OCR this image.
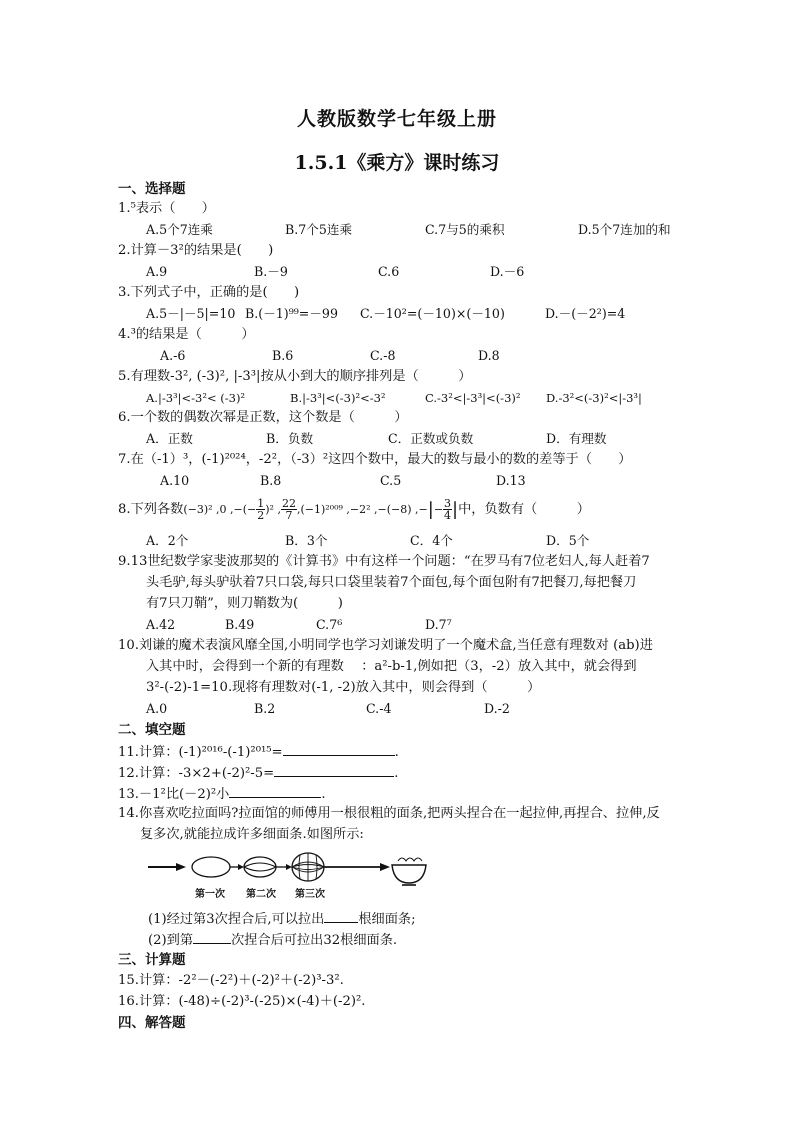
人教版数学七年级上册
1.5.1《乘方》课时练习
一、选择题
1.⁵表示（　　）
A.5个7连乘	B.7个5连乘	C.7与5的乘积	D.5个7连加的和
2.计算－3²的结果是(　　)
A.9	B.－9	C.6	D.－6
3.下列式子中，正确的是(　　)
A.5－|－5|=10 B.(－1)⁹⁹=－99 C.－10²=(－10)×(－10)	D.－(－2²)=4
4.³的结果是（　　　）
A.-6	B.6	C.-8	D.8
5.有理数-3², (-3)², |-3³|按从小到大的顺序排列是（　　　）
A.|-3³|<-3²< (-3)²	B.|-3³|<(-3)²<-3²	C.-3²<|-3³|<(-3)² D.-3²<(-3)²<|-3³|
6.一个数的偶数次幂是正数，这个数是（　　　）
A．正数	B．负数	C．正数或负数	D．有理数
7.在（-1）³，(-1)²⁰²⁴，-2²，（-3）²这四个数中，最大的数与最小的数的差等于（　　）
A.10	B.8	C.5	D.13
8.下列各数(−3)² ,0 ,−(− $\frac{1}{2} )^2$ , $\frac{22}{7} ,(-1)^{2009}$ ,−2² ,−(−8) ,−|− $\frac{3}{4}$ |中，负数有（　　　）
A．2个	B．3个	C．4个	D．5个
9.13世纪数学家斐波那契的《计算书》中有这样一个问题：“在罗马有7位老妇人,每人赶着7
头毛驴,每头驴驮着7只口袋,每只口袋里装着7个面包,每个面包附有7把餐刀,每把餐刀
有7只刀鞘”，则刀鞘数为(　　　)
A.42	B.49	C.7⁶	D.7⁷
10.刘谦的魔术表演风靡全国,小明同学也学习刘谦发明了一个魔术盒,当任意有理数对 (ab)进
入其中时，会得到一个新的有理数　 ：a²-b-1,例如把（3，-2）放入其中，就会得到
3²-(-2)-1=10.现将有理数对(-1, -2)放入其中，则会得到（　　　）
A.0	B.2	C.-4	D.-2
二、填空题
11.计算：(-1)²⁰¹⁶-(-1)²⁰¹⁵=	.
12.计算：-3×2+(-2)²-5=	.
13.－1²比(－2)²小	.
14.你喜欢吃拉面吗?拉面馆的师傅用一根很粗的面条,把两头捏合在一起拉伸,再捏合、拉伸,反
复多次,就能拉成许多细面条.如图所示:
第一次 第二次 第三次
(1)经过第3次捏合后,可以拉出	根细面条;
(2)到第	次捏合后可拉出32根细面条.
三、计算题
15.计算：-2²－(-2²)＋(-2)²＋(-2)³-3².
16.计算：(-48)÷(-2)³-(-25)×(-4)＋(-2)².
四、解答题
